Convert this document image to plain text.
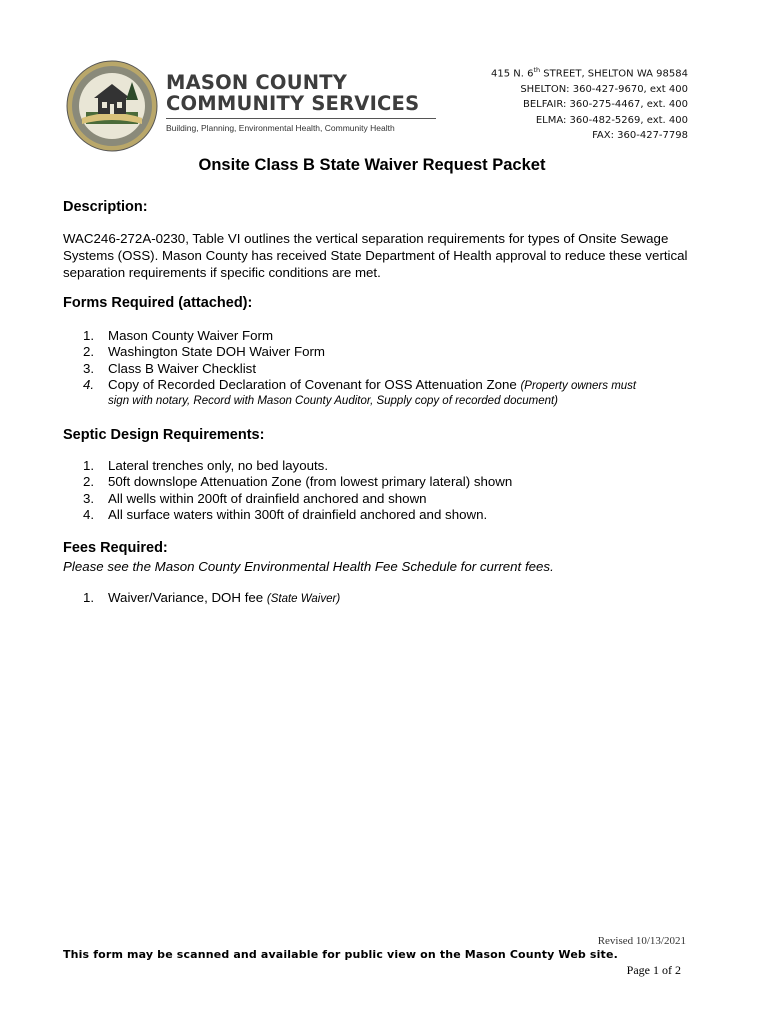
MASON COUNTY
COMMUNITY SERVICES
Building, Planning, Environmental Health, Community Health
415 N. 6th STREET, SHELTON WA 98584
SHELTON: 360-427-9670, ext 400
BELFAIR: 360-275-4467, ext. 400
ELMA: 360-482-5269, ext. 400
FAX: 360-427-7798
Onsite Class B State Waiver Request Packet
Description:
WAC246-272A-0230, Table VI outlines the vertical separation requirements for types of Onsite Sewage Systems (OSS). Mason County has received State Department of Health approval to reduce these vertical separation requirements if specific conditions are met.
Forms Required (attached):
1.	Mason County Waiver Form
2.	Washington State DOH Waiver Form
3.	Class B Waiver Checklist
4.	Copy of Recorded Declaration of Covenant for OSS Attenuation Zone (Property owners must
sign with notary, Record with Mason County Auditor, Supply copy of recorded document)
Septic Design Requirements:
1.	Lateral trenches only, no bed layouts.
2.	50ft downslope Attenuation Zone (from lowest primary lateral) shown
3.	All wells within 200ft of drainfield anchored and shown
4.	All surface waters within 300ft of drainfield anchored and shown.
Fees Required:
Please see the Mason County Environmental Health Fee Schedule for current fees.
1.	Waiver/Variance, DOH fee (State Waiver)
Revised 10/13/2021
This form may be scanned and available for public view on the Mason County Web site.
Page 1 of 2
